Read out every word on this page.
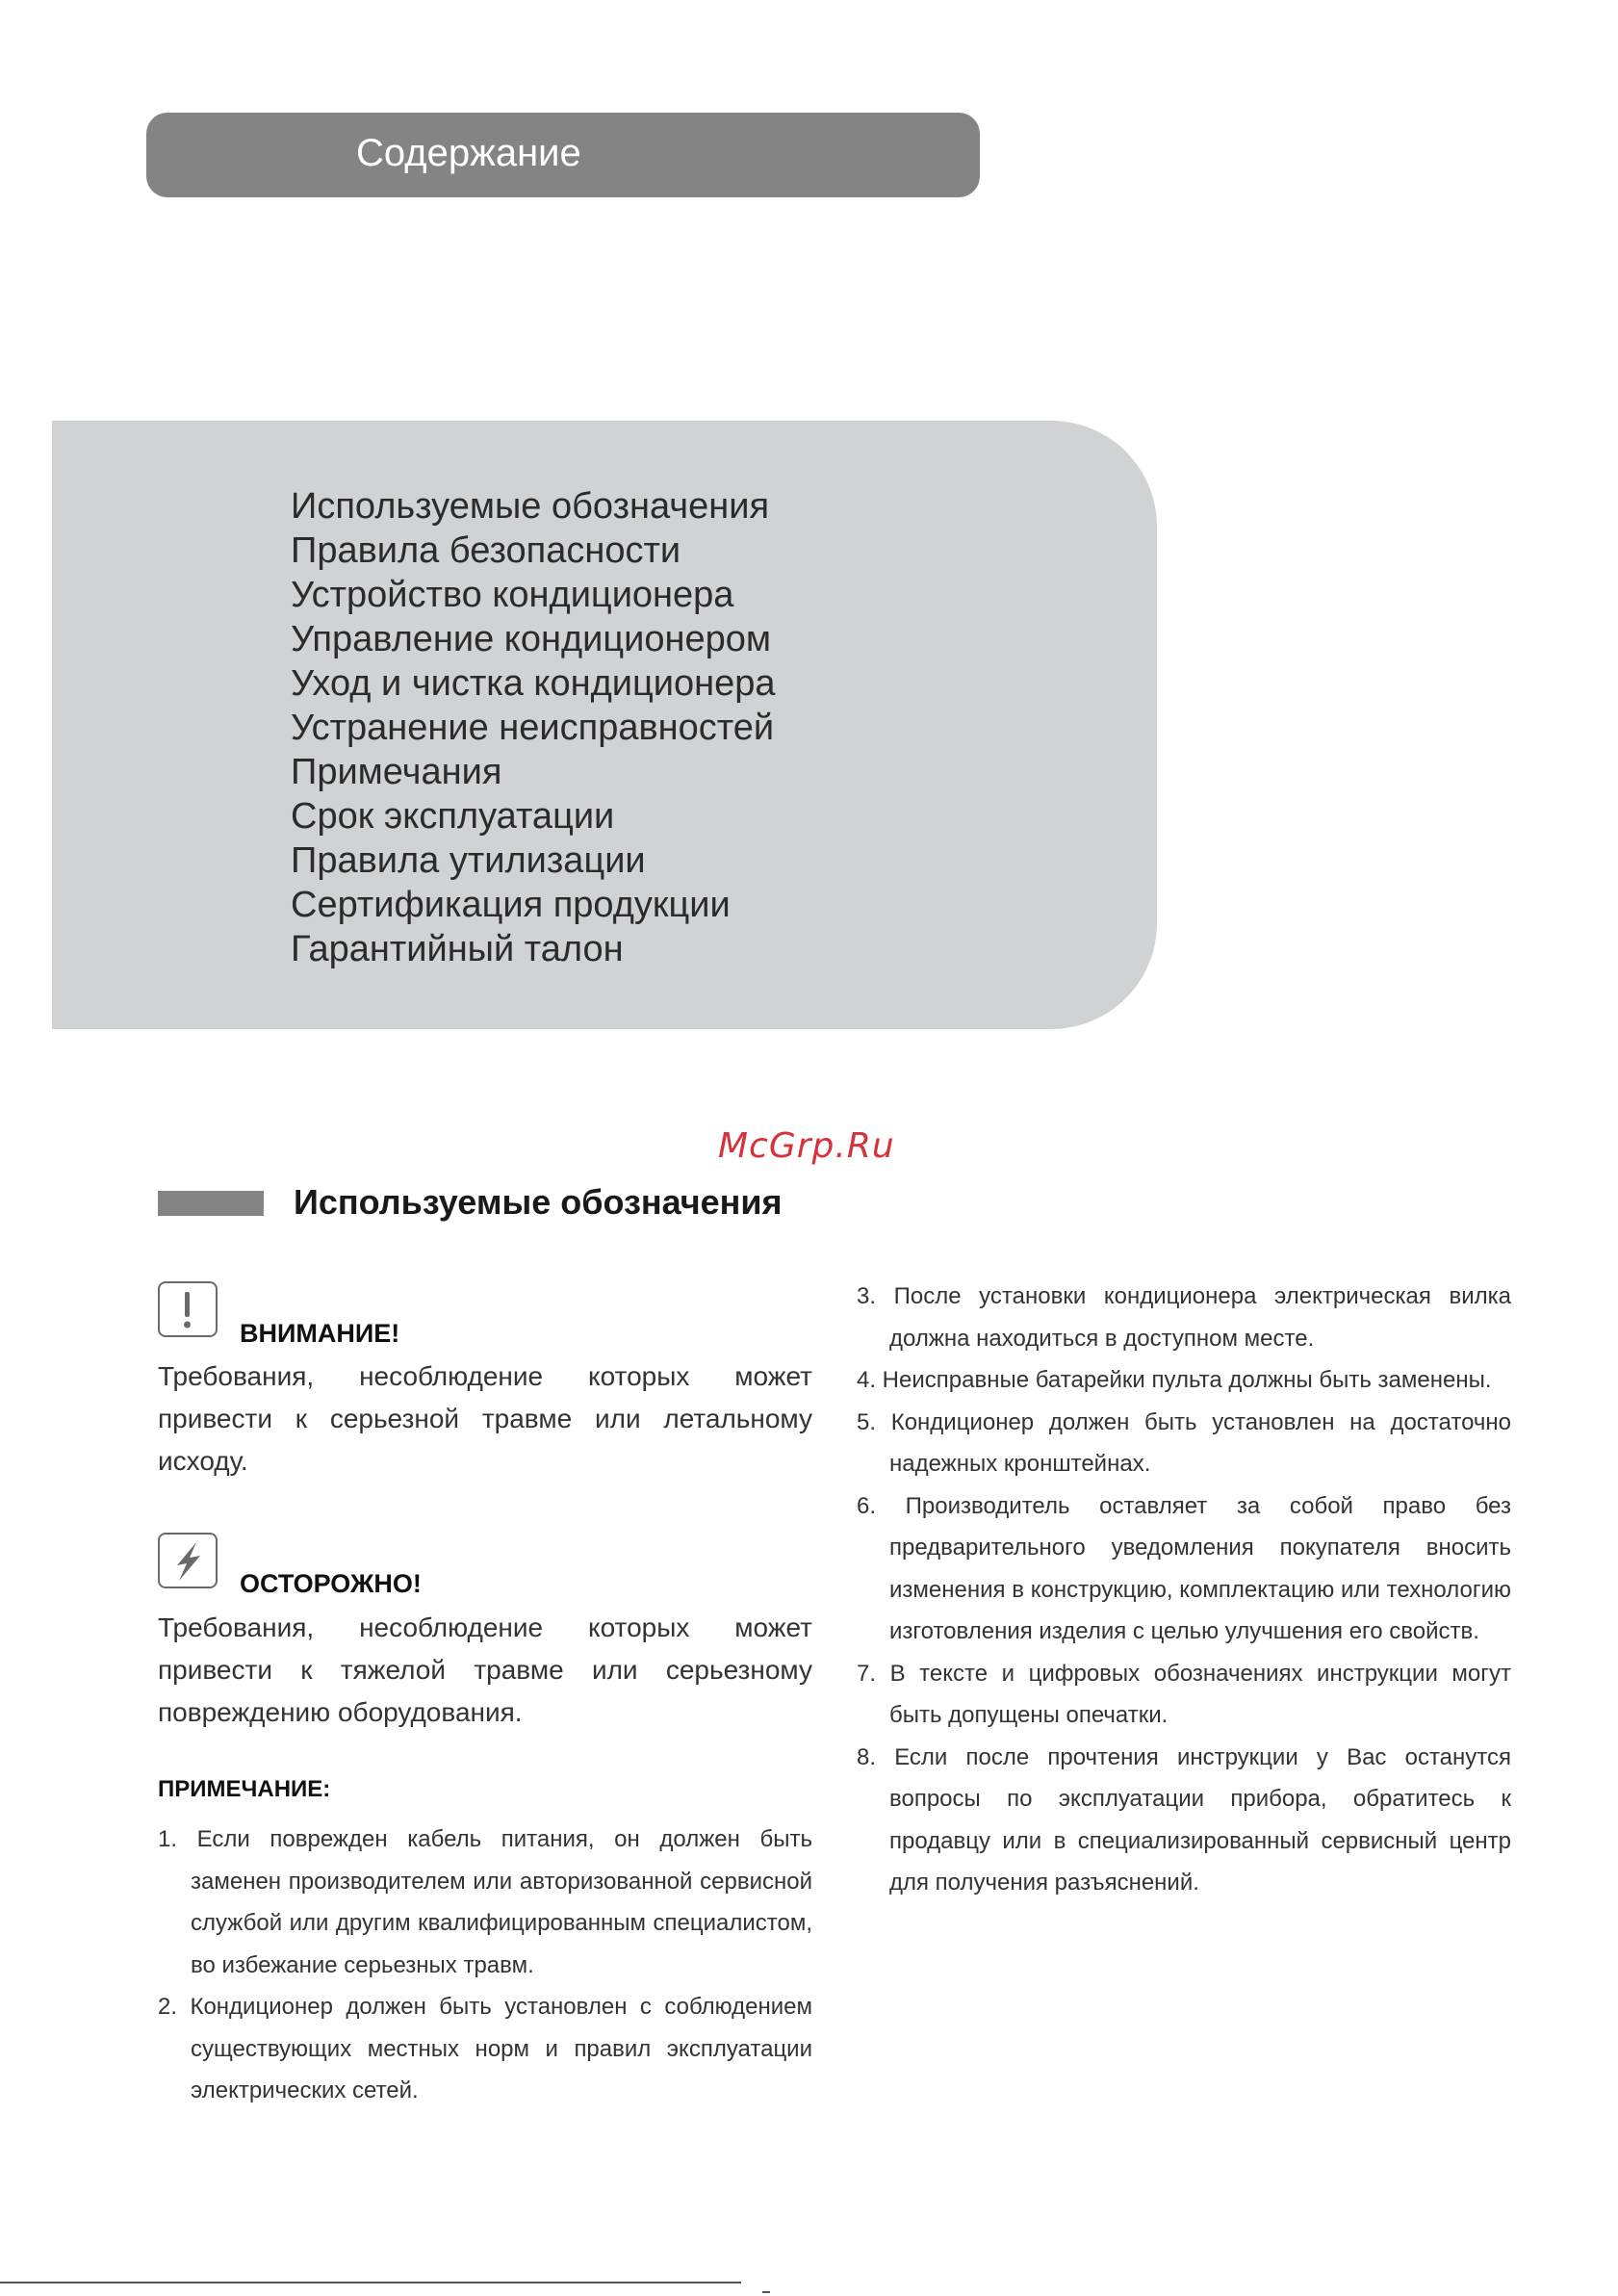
Содержание
Используемые обозначения
Правила безопасности
Устройство кондиционера
Управление кондиционером
Уход и чистка кондиционера
Устранение неисправностей
Примечания
Срок эксплуатации
Правила утилизации
Сертификация продукции
Гарантийный талон
McGrp.Ru
Используемые обозначения
ВНИМАНИЕ!

Требования, несоблюдение которых может привести к серьезной травме или летальному исходу.

ОСТОРОЖНО!

Требования, несоблюдение которых может привести к тяжелой травме или серьезному повреждению оборудования.

ПРИМЕЧАНИЕ:
1. Если поврежден кабель питания, он должен быть заменен производителем или авторизованной сервисной службой или другим квалифицированным специалистом, во избежание серьезных травм.
2. Кондиционер должен быть установлен с соблюдением существующих местных норм и правил эксплуатации электрических сетей.
3. После установки кондиционера электрическая вилка должна находиться в доступном месте.
4. Неисправные батарейки пульта должны быть заменены.
5. Кондиционер должен быть установлен на достаточно надежных кронштейнах.
6. Производитель оставляет за собой право без предварительного уведомления покупателя вносить изменения в конструкцию, комплектацию или технологию изготовления изделия с целью улучшения его свойств.
7. В тексте и цифровых обозначениях инструкции могут быть допущены опечатки.
8. Если после прочтения инструкции у Вас останутся вопросы по эксплуатации прибора, обратитесь к продавцу или в специализированный сервисный центр для получения разъяснений.
